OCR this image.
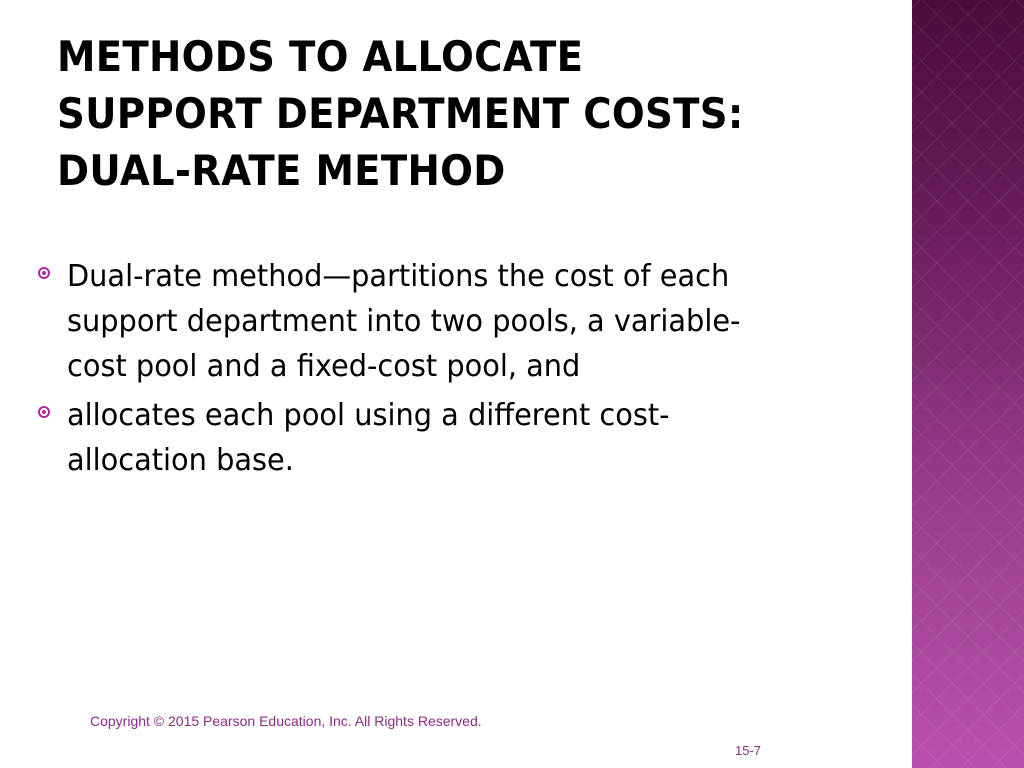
METHODS TO ALLOCATE
SUPPORT DEPARTMENT COSTS:
DUAL-RATE METHOD
Dual-rate method—partitions the cost of each
support department into two pools, a variable-
cost pool and a fixed-cost pool, and
allocates each pool using a different cost-
allocation base.
Copyright © 2015 Pearson Education, Inc. All Rights Reserved.
15-7
